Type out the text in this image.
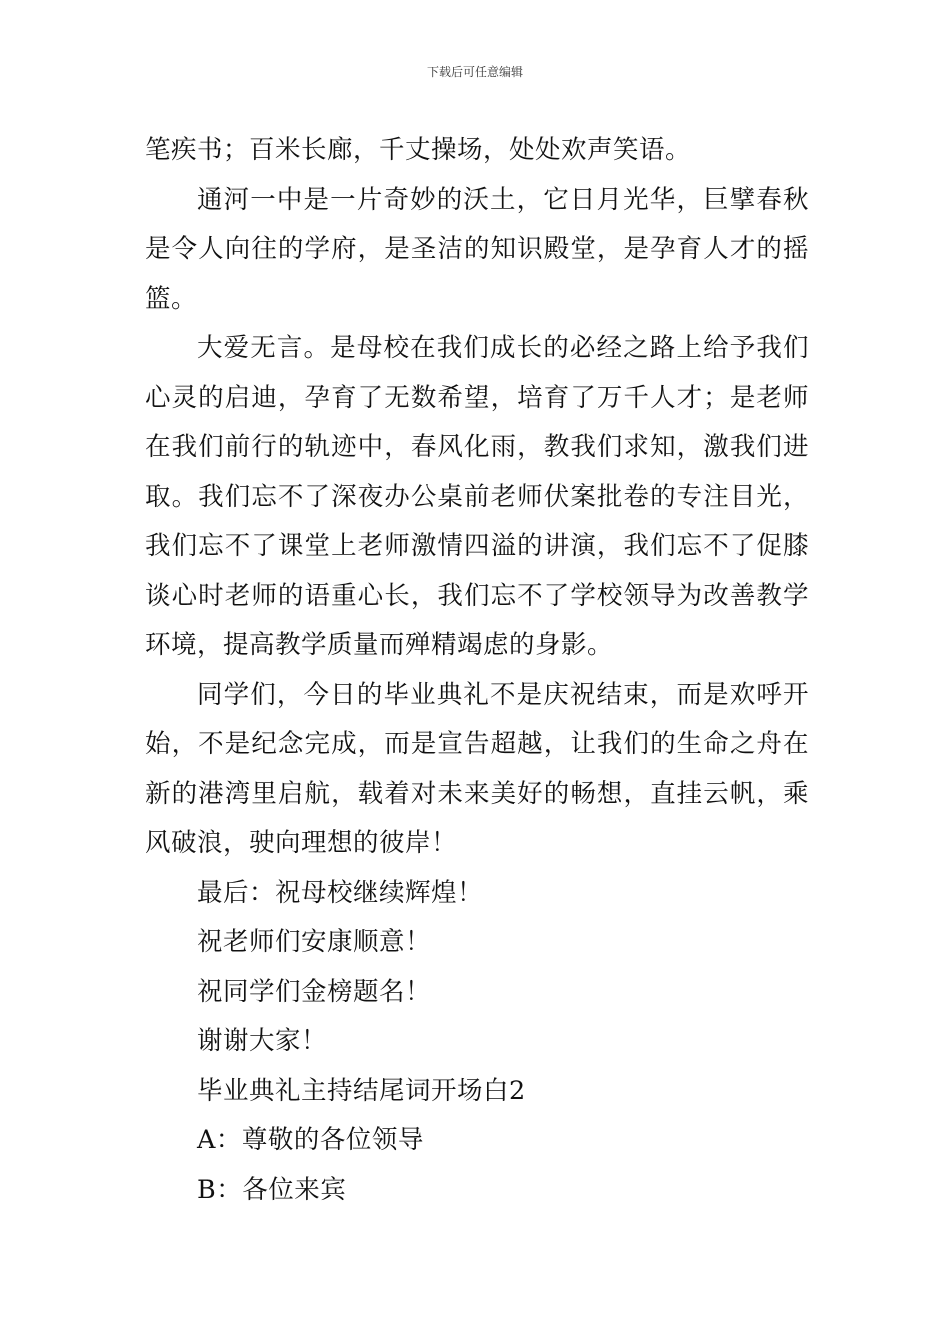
下载后可任意编辑

笔疾书；百米长廊，千丈操场，处处欢声笑语。

通河一中是一片奇妙的沃土，它日月光华，巨擘春秋是令人向往的学府，是圣洁的知识殿堂，是孕育人才的摇篮。

大爱无言。是母校在我们成长的必经之路上给予我们心灵的启迪，孕育了无数希望，培育了万千人才；是老师在我们前行的轨迹中，春风化雨，教我们求知，激我们进取。我们忘不了深夜办公桌前老师伏案批卷的专注目光，我们忘不了课堂上老师激情四溢的讲演，我们忘不了促膝谈心时老师的语重心长，我们忘不了学校领导为改善教学环境，提高教学质量而殚精竭虑的身影。

同学们，今日的毕业典礼不是庆祝结束，而是欢呼开始，不是纪念完成，而是宣告超越，让我们的生命之舟在新的港湾里启航，载着对未来美好的畅想，直挂云帆，乘风破浪，驶向理想的彼岸！

最后：祝母校继续辉煌！

祝老师们安康顺意！

祝同学们金榜题名！

谢谢大家！

毕业典礼主持结尾词开场白2

A：尊敬的各位领导

B：各位来宾
